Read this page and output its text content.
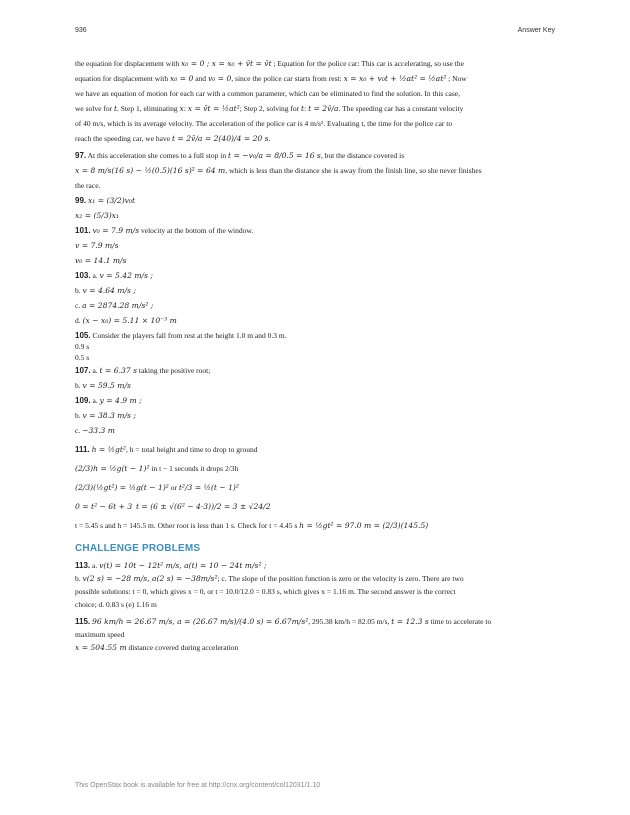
936	Answer Key
the equation for displacement with x₀ = 0 ; x = x₀ + v̄t = v̄t ; Equation for the police car: This car is accelerating, so use the
equation for displacement with x₀ = 0 and v₀ = 0, since the police car starts from rest: x = x₀ + v₀t + ½at² = ½at² ; Now
we have an equation of motion for each car with a common parameter, which can be eliminated to find the solution. In this case,
we solve for t. Step 1, eliminating x: x = v̄t = ½at²; Step 2, solving for t: t = 2v̄/a. The speeding car has a constant velocity
of 40 m/s, which is its average velocity. The acceleration of the police car is 4 m/s². Evaluating t, the time for the police car to
reach the speeding car, we have t = 2v̄/a = 2(40)/4 = 20 s.
97. At this acceleration she comes to a full stop in t = −v₀/a = 8/0.5 = 16 s, but the distance covered is
x = 8 m/s(16 s) − ½(0.5)(16 s)² = 64 m, which is less than the distance she is away from the finish line, so she never finishes
the race.
99. x₁ = (3/2)v₀t
x₂ = (5/3)x₁
101. v₀ = 7.9 m/s velocity at the bottom of the window.
v = 7.9 m/s
v₀ = 14.1 m/s
103. a. v = 5.42 m/s ;
b. v = 4.64 m/s ;
c. a = 2874.28 m/s² ;
d. (x − x₀) = 5.11 × 10⁻³ m
105. Consider the players fall from rest at the height 1.0 m and 0.3 m.
0.9 s
0.5 s
107. a. t = 6.37 s taking the positive root;
b. v = 59.5 m/s
109. a. y = 4.9 m ;
b. v = 38.3 m/s ;
c. −33.3 m
111. h = ½gt², h = total height and time to drop to ground
(2/3)h = ½g(t − 1)² in t − 1 seconds it drops 2/3h
(2/3)(½gt²) = ½g(t − 1)² or t²/3 = ½(t − 1)²
0 = t² − 6t + 3 t = (6 ± √(6² − 4·3))/2 = 3 ± √24/2
t = 5.45 s and h = 145.5 m. Other root is less than 1 s. Check for t = 4.45 s h = ½gt² = 97.0 m = (2/3)(145.5)
CHALLENGE PROBLEMS
113. a. v(t) = 10t − 12t² m/s, a(t) = 10 − 24t m/s² ;
b. v(2 s) = −28 m/s, a(2 s) = −38m/s²; c. The slope of the position function is zero or the velocity is zero. There are two
possible solutions: t = 0, which gives x = 0, or t = 10.0/12.0 = 0.83 s, which gives x = 1.16 m. The second answer is the correct
choice; d. 0.83 s (e) 1.16 m
115. 96 km/h = 26.67 m/s, a = (26.67 m/s)/(4.0 s) = 6.67m/s², 295.38 km/h = 82.05 m/s, t = 12.3 s time to accelerate to
maximum speed
x = 504.55 m distance covered during acceleration
This OpenStax book is available for free at http://cnx.org/content/col12031/1.10
